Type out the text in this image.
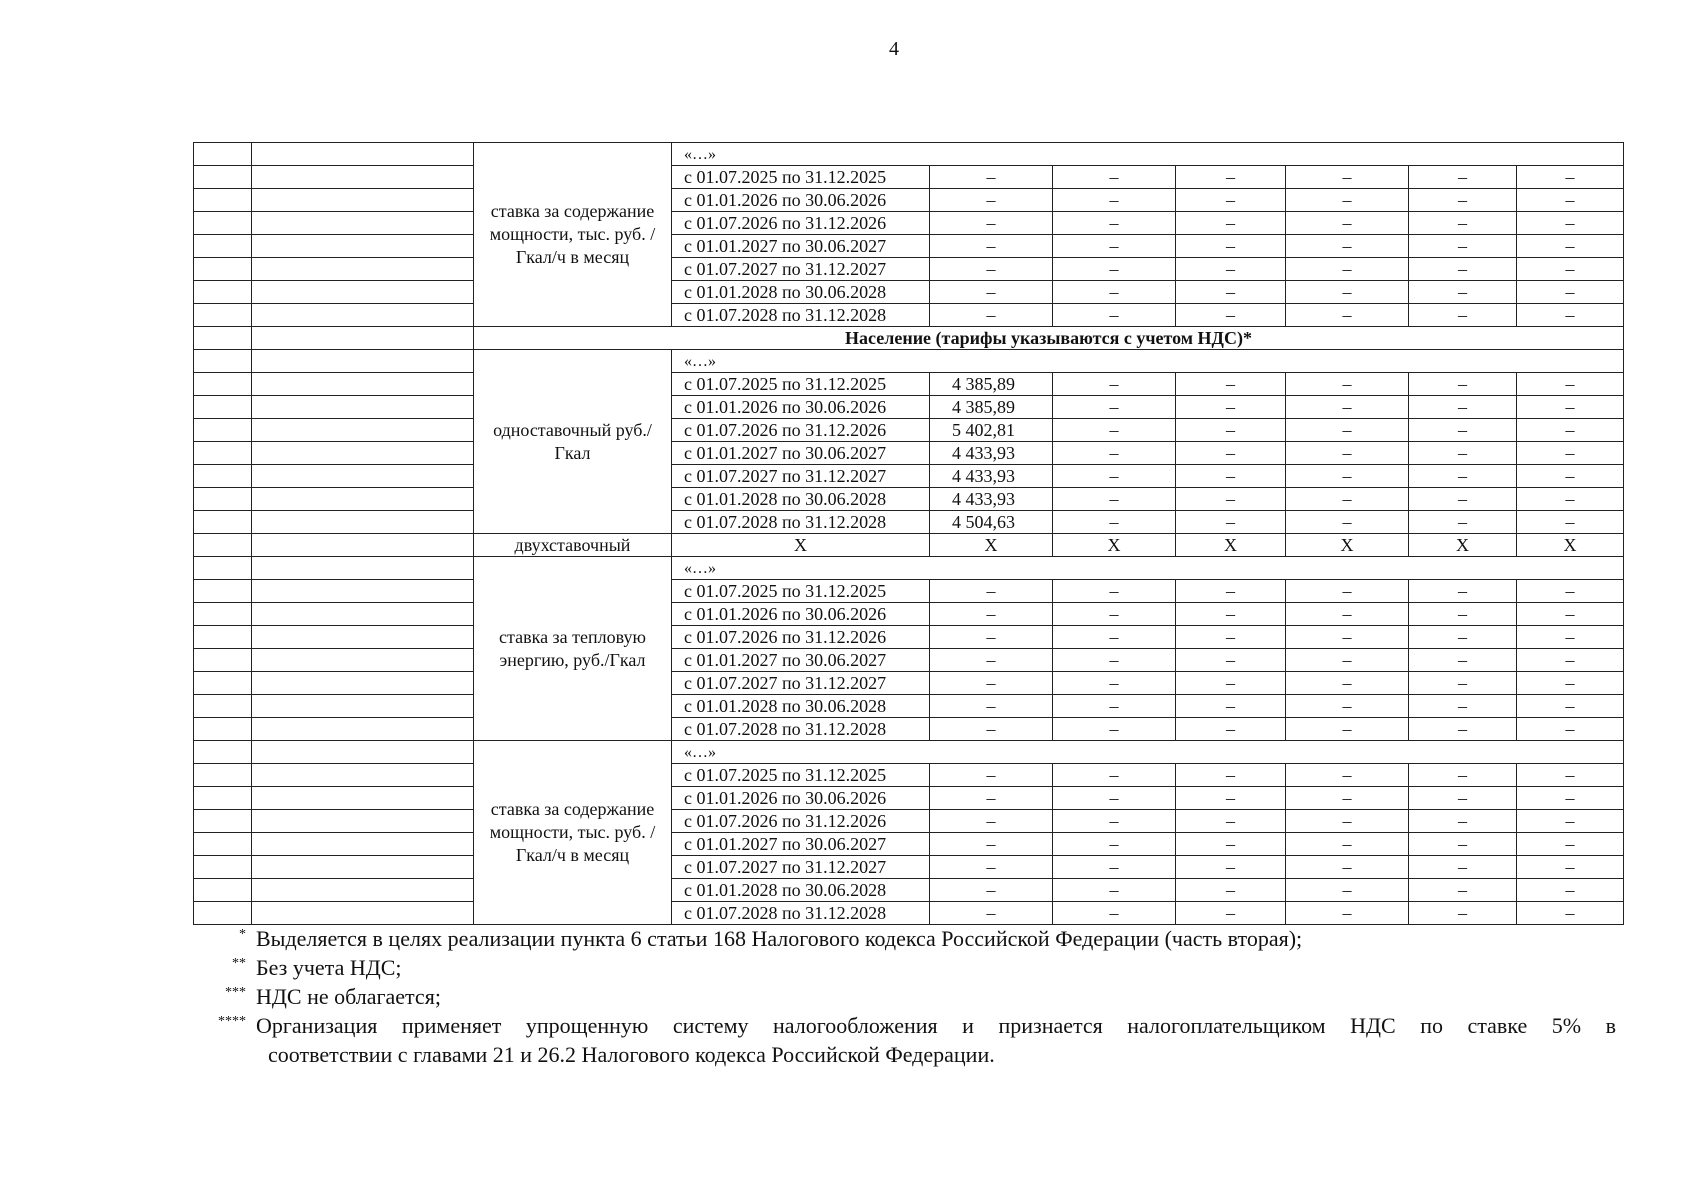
4
		ставка за содержание мощности, тыс. руб. /Гкал/ч в месяц	«…»						
			с 01.07.2025 по 31.12.2025	–	–	–	–	–	–
			с 01.01.2026 по 30.06.2026	–	–	–	–	–	–
			с 01.07.2026 по 31.12.2026	–	–	–	–	–	–
			с 01.01.2027 по 30.06.2027	–	–	–	–	–	–
			с 01.07.2027 по 31.12.2027	–	–	–	–	–	–
			с 01.01.2028 по 30.06.2028	–	–	–	–	–	–
			с 01.07.2028 по 31.12.2028	–	–	–	–	–	–
		Население (тарифы указываются с учетом НДС)*							
		одноставочный руб./Гкал	«…»						
			с 01.07.2025 по 31.12.2025	4 385,89	–	–	–	–	–
			с 01.01.2026 по 30.06.2026	4 385,89	–	–	–	–	–
			с 01.07.2026 по 31.12.2026	5 402,81	–	–	–	–	–
			с 01.01.2027 по 30.06.2027	4 433,93	–	–	–	–	–
			с 01.07.2027 по 31.12.2027	4 433,93	–	–	–	–	–
			с 01.01.2028 по 30.06.2028	4 433,93	–	–	–	–	–
			с 01.07.2028 по 31.12.2028	4 504,63	–	–	–	–	–
		двухставочный	Х	Х	Х	Х	Х	Х	Х
		ставка за тепловую энергию, руб./Гкал	«…»						
			с 01.07.2025 по 31.12.2025	–	–	–	–	–	–
			с 01.01.2026 по 30.06.2026	–	–	–	–	–	–
			с 01.07.2026 по 31.12.2026	–	–	–	–	–	–
			с 01.01.2027 по 30.06.2027	–	–	–	–	–	–
			с 01.07.2027 по 31.12.2027	–	–	–	–	–	–
			с 01.01.2028 по 30.06.2028	–	–	–	–	–	–
			с 01.07.2028 по 31.12.2028	–	–	–	–	–	–
		ставка за содержание мощности, тыс. руб. /Гкал/ч в месяц	«…»						
			с 01.07.2025 по 31.12.2025	–	–	–	–	–	–
			с 01.01.2026 по 30.06.2026	–	–	–	–	–	–
			с 01.07.2026 по 31.12.2026	–	–	–	–	–	–
			с 01.01.2027 по 30.06.2027	–	–	–	–	–	–
			с 01.07.2027 по 31.12.2027	–	–	–	–	–	–
			с 01.01.2028 по 30.06.2028	–	–	–	–	–	–
			с 01.07.2028 по 31.12.2028	–	–	–	–	–	–
* Выделяется в целях реализации пункта 6 статьи 168 Налогового кодекса Российской Федерации (часть вторая);
** Без учета НДС;
*** НДС не облагается;
**** Организация применяет упрощенную систему налогообложения и признается налогоплательщиком НДС по ставке 5% в
соответствии с главами 21 и 26.2 Налогового кодекса Российской Федерации.
